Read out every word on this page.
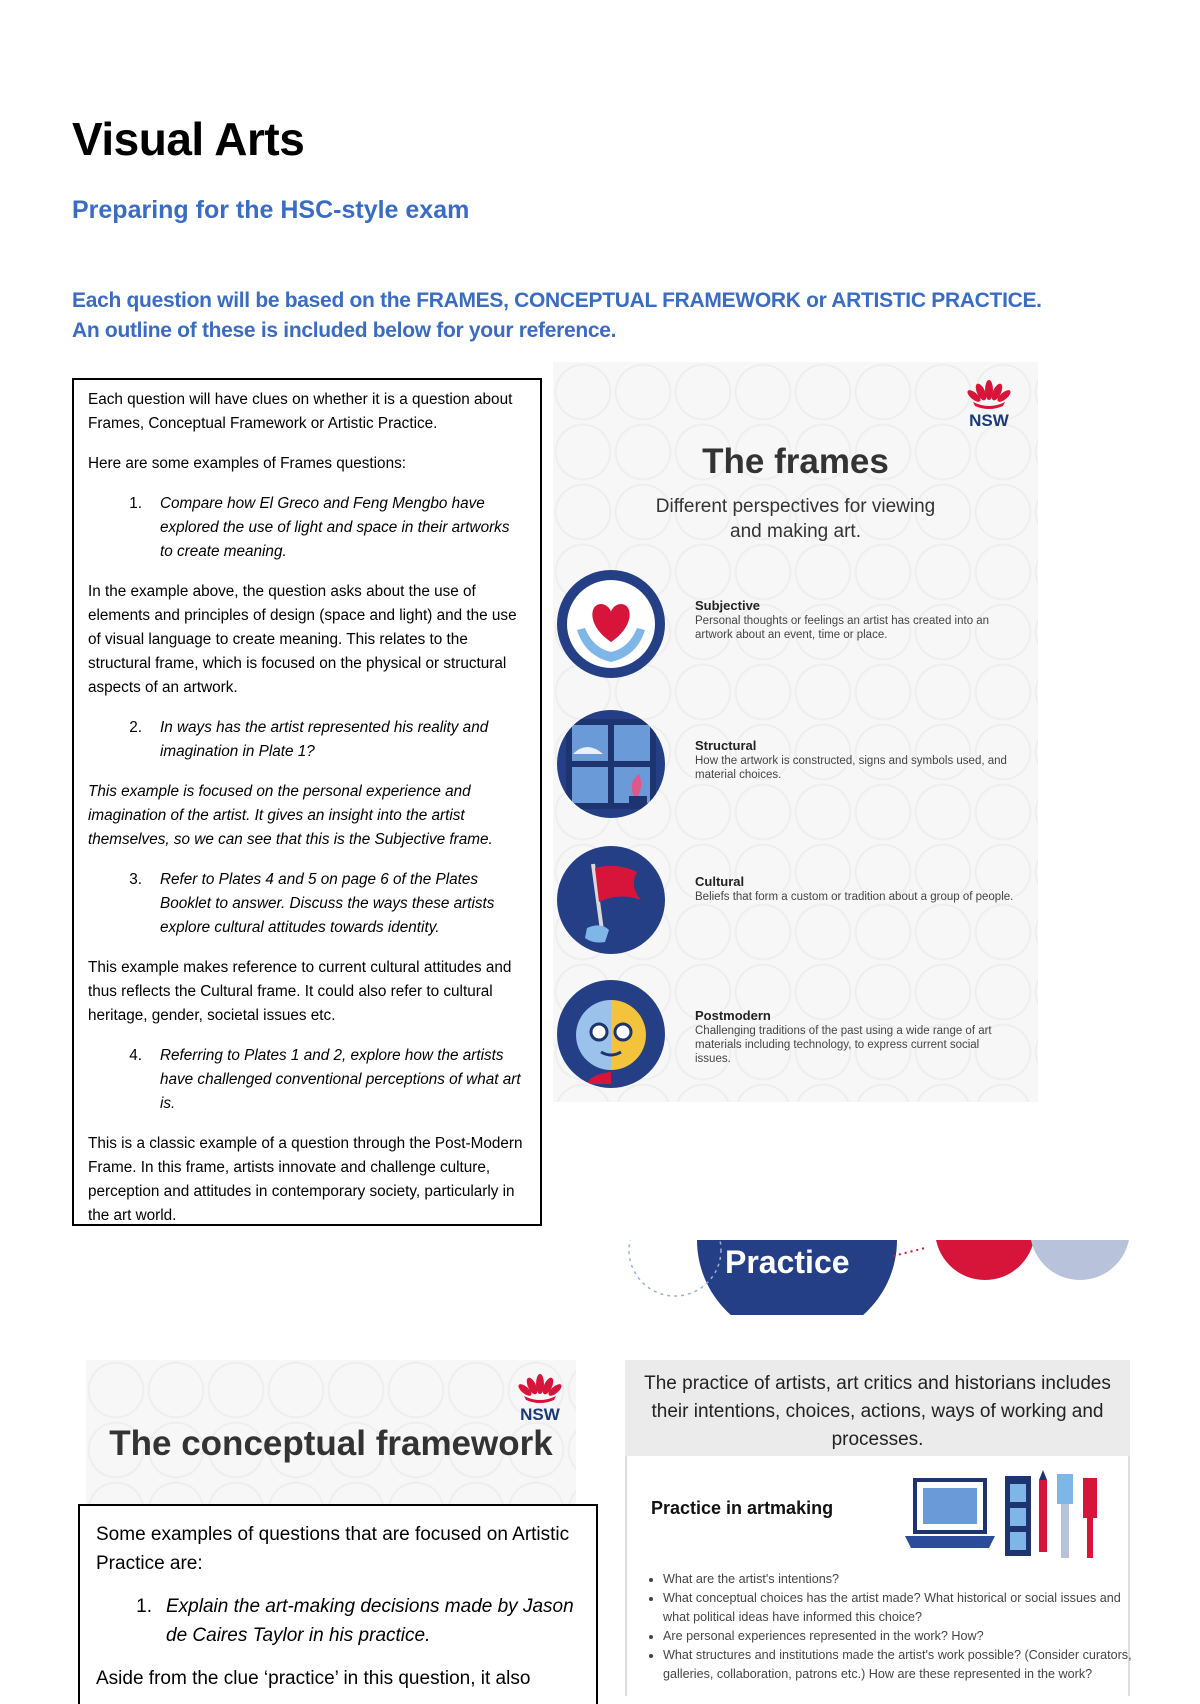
Visual Arts
Preparing for the HSC-style exam
Each question will be based on the FRAMES, CONCEPTUAL FRAMEWORK or ARTISTIC PRACTICE. An outline of these is included below for your reference.

Each question will have clues on whether it is a question about Frames, Conceptual Framework or Artistic Practice.

Here are some examples of Frames questions:

1.	Compare how El Greco and Feng Mengbo have explored the use of light and space in their artworks to create meaning.

In the example above, the question asks about the use of elements and principles of design (space and light) and the use of visual language to create meaning. This relates to the structural frame, which is focused on the physical or structural aspects of an artwork.

2.	In ways has the artist represented his reality and imagination in Plate 1?

This example is focused on the personal experience and imagination of the artist. It gives an insight into the artist themselves, so we can see that this is the Subjective frame.

3.	Refer to Plates 4 and 5 on page 6 of the Plates Booklet to answer. Discuss the ways these artists explore cultural attitudes towards identity.

This example makes reference to current cultural attitudes and thus reflects the Cultural frame. It could also refer to cultural heritage, gender, societal issues etc.

4.	Referring to Plates 1 and 2, explore how the artists have challenged conventional perceptions of what art is.

This is a classic example of a question through the Post-Modern Frame. In this frame, artists innovate and challenge culture, perception and attitudes in contemporary society, particularly in the art world.

NSW
The frames
Different perspectives for viewing and making art.
Subjective
Personal thoughts or feelings an artist has created into an artwork about an event, time or place.
Structural
How the artwork is constructed, signs and symbols used, and material choices.
Cultural
Beliefs that form a custom or tradition about a group of people.
Postmodern
Challenging traditions of the past using a wide range of art materials including technology, to express current social issues.
Practice
NSW
The conceptual framework

Some examples of questions that are focused on Artistic Practice are:

1. Explain the art-making decisions made by Jason de Caires Taylor in his practice.

Aside from the clue ‘practice’ in this question, it also

The practice of artists, art critics and historians includes their intentions, choices, actions, ways of working and processes.
Practice in artmaking
• What are the artist's intentions?
• What conceptual choices has the artist made? What historical or social issues and what political ideas have informed this choice?
• Are personal experiences represented in the work? How?
• What structures and institutions made the artist's work possible? (Consider curators, galleries, collaboration, patrons etc.) How are these represented in the work?
